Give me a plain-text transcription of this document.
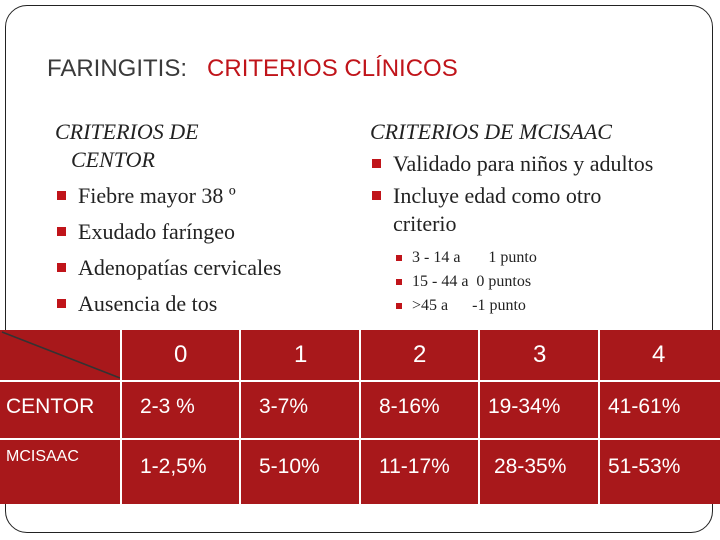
FARINGITIS: CRITERIOS CLÍNICOS
CRITERIOS DE
CENTOR
Fiebre mayor 38 º
Exudado faríngeo
Adenopatías cervicales
Ausencia de tos
CRITERIOS DE MCISAAC
Validado para niños y adultos
Incluye edad como otro
criterio
3 - 14 a       1 punto
15 - 44 a  0 puntos
>45 a      -1 punto
0	1	2	3	4
CENTOR 2-3 %	3-7%	8-16% 19-34% 41-61%
MCISAAC	1-2,5% 5-10%	11-17% 28-35% 51-53%
